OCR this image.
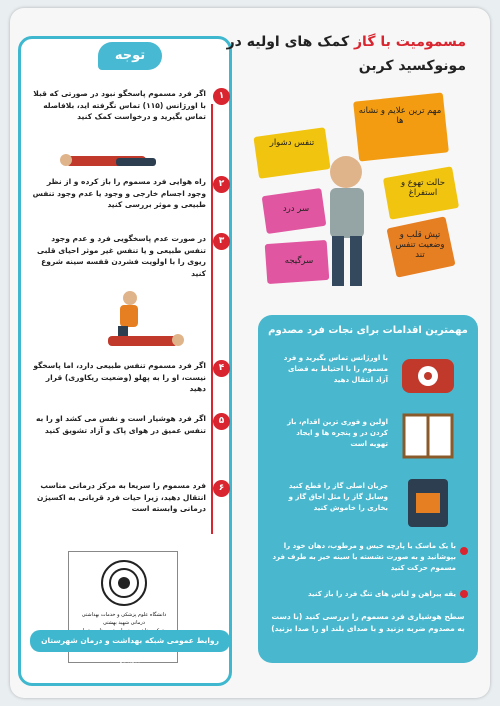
توجه
۱
اگر فرد مسموم پاسخگو نبود در صورتی که قبلا با اورژانس (۱۱۵) تماس نگرفته اید، بلافاصله تماس بگیرید و درخواست کمک کنید
۲
راه هوایی فرد مسموم را باز کرده و از نظر وجود اجسام خارجی و وجود یا عدم وجود تنفس طبیعی و موثر بررسی کنید
۳
در صورت عدم پاسخگویی فرد و عدم وجود تنفس طبیعی و یا تنفس غیر موثر احیای قلبی ریوی را با اولویت فشردن قفسه سینه شروع کنید
۴
اگر فرد مسموم تنفس طبیعی دارد، اما پاسخگو نیست، او را به پهلو (وضعیت ریکاوری) قرار دهید
۵
اگر فرد هوشیار است و نفس می کشد او را به تنفس عمیق در هوای پاک و آزاد تشویق کنید
۶
فرد مسموم را سریعا به مرکز درمانی مناسب انتقال دهید، زیرا حیات فرد قربانی به اکسیژن درمانی وابسته است
دانشگاه علوم پزشکی و خدمات بهداشتی
درمانی شهید بهشتی
روابط عمومی شبکه بهداشت و درمان شهرستان پیشوا
مسمومیت با گاز کمک های اولیه در
مونوکسید کربن
مهم ترین علایم و نشانه ها
تنفس دشوار
حالت تهوع و استفراغ
سر درد
تپش قلب و وضعیت تنفس تند
سرگیجه
مهمترین اقدامات برای نجات فرد مصدوم
با اورژانس تماس بگیرید و فرد مسموم را با احتیاط به فضای آزاد انتقال دهید
اولین و فوری ترین اقدام، باز کردن در و پنجره ها و ایجاد تهویه است
جریان اصلی گاز را قطع کنید وسایل گاز را مثل اجاق گاز و بخاری را خاموش کنید
با یک ماسک یا پارچه خیس و مرطوب، دهان خود را بپوشانید و به صورت نشسته یا سینه خیز به طرف فرد مسموم حرکت کنید
یقه پیراهن و لباس های تنگ فرد را باز کنید
سطح هوشیاری فرد مسموم را بررسی کنید (با دست به مصدوم ضربه بزنید و با صدای بلند او را صدا بزنید)
